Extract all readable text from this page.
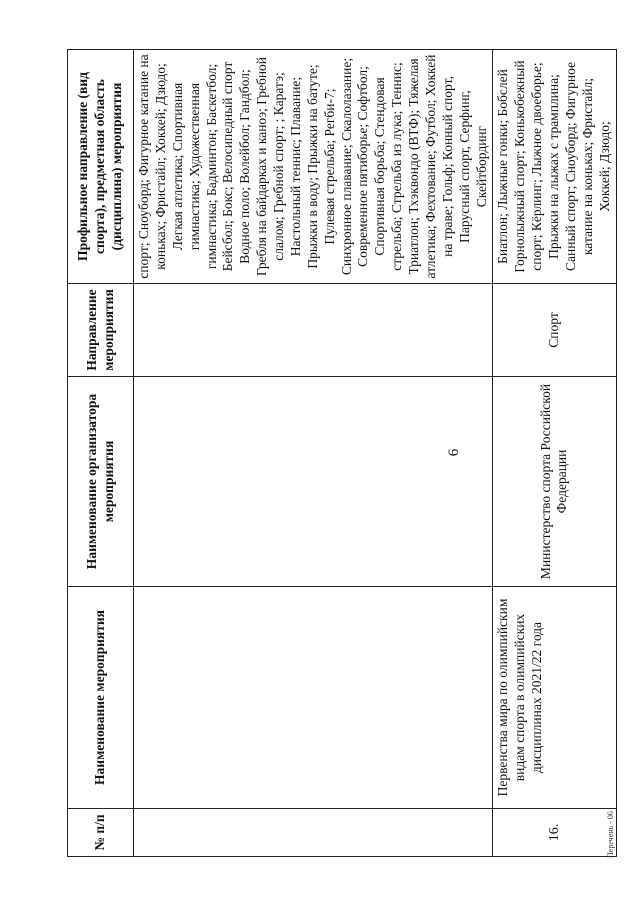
6
№ п/п	Наименование мероприятия	Наименование организатора мероприятия	Направление мероприятия	Профильное направление (вид спорта), предметная область (дисциплина) мероприятия
				спорт; Сноуборд; Фигурное катание на коньках; Фристайл; Хоккей; Дзюдо; Легкая атлетика; Спортивная гимнастика; Художественная гимнастика; Бадминтон; Баскетбол; Бейсбол; Бокс; Велосипедный спорт Водное поло; Волейбол; Гандбол; Гребля на байдарках и каноэ; Гребной слалом; Гребной спорт; ; Каратэ; Настольный теннис; Плавание; Прыжки в воду; Прыжки на батуте; Пулевая стрельба; Регби-7; Синхронное плавание; Скалолазание; Современное пятиборье; Софтбол; Спортивная борьба; Стендовая стрельба; Стрельба из лука; Теннис; Триатлон; Тхэквондо (ВТФ); Тяжелая атлетика; Фехтование; Футбол; Хоккей на траве; Гольф; Конный спорт, Парусный спорт, Серфинг, Скейтбординг
16.	Первенства мира по олимпийским видам спорта в олимпийских дисциплинах 2021/22 года	Министерство спорта Российской Федерации	Спорт	Биатлон; Лыжные гонки; Бобслей Горнолыжный спорт; Конькобежный спорт; Кёрлинг; Лыжное двоеборье; Прыжки на лыжах с трамплина; Санный спорт; Сноуборд; Фигурное катание на коньках; Фристайл; Хоккей; Дзюдо;
Перечень - 06
